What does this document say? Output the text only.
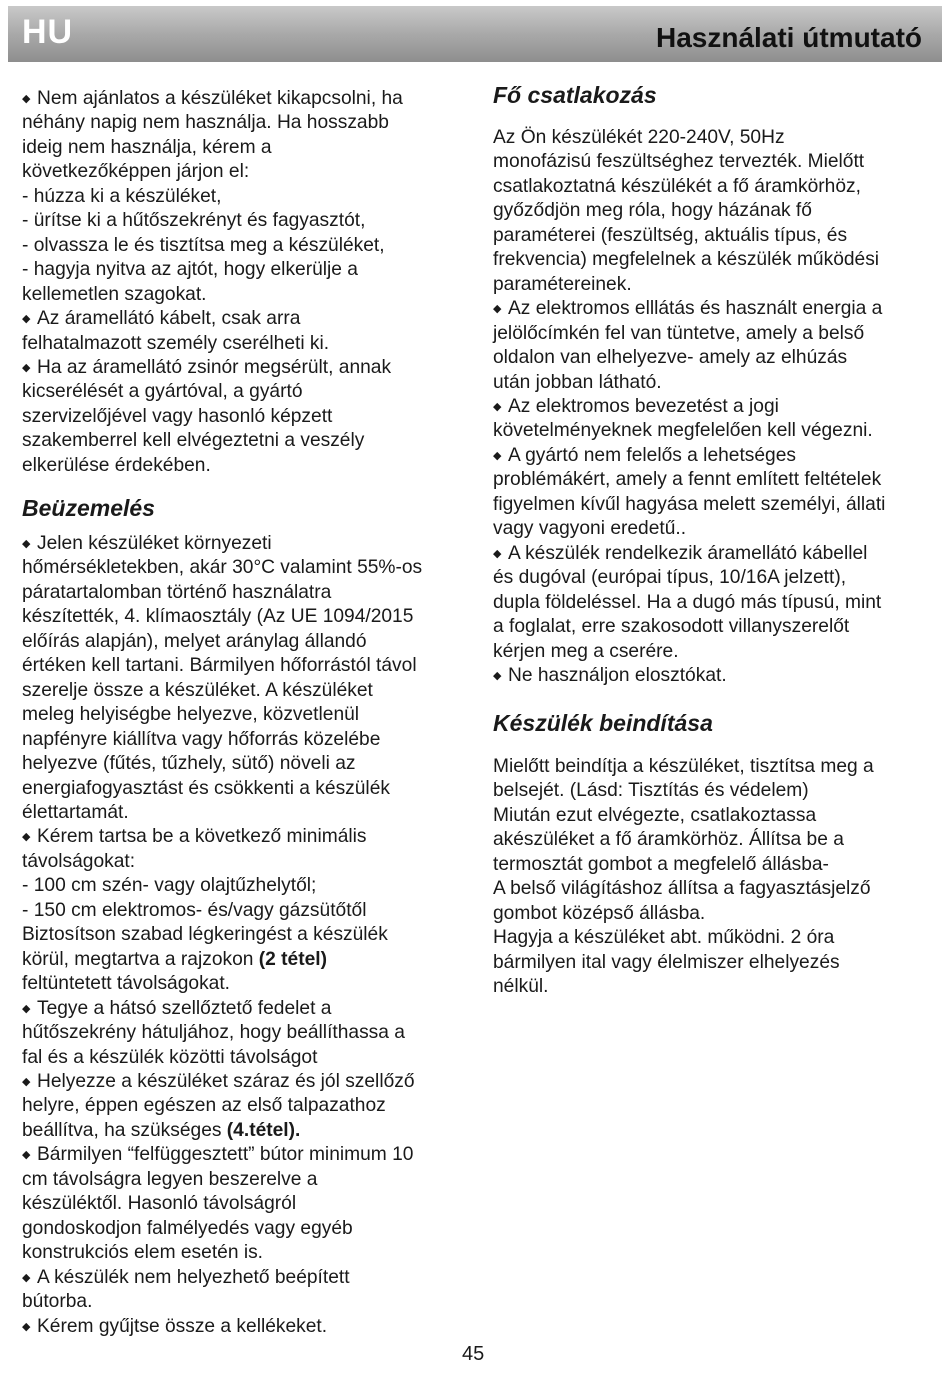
HU	Használati útmutató
◆ Nem ajánlatos a készüléket kikapcsolni, ha
néhány napig nem használja. Ha hosszabb
ideig nem használja, kérem a
következőképpen járjon el:
- húzza ki a készüléket,
- ürítse ki a hűtőszekrényt és fagyasztót,
- olvassza le és tisztítsa meg a készüléket,
- hagyja nyitva az ajtót, hogy elkerülje a
kellemetlen szagokat.
◆ Az áramellátó kábelt, csak arra
felhatalmazott személy cserélheti ki.
◆ Ha az áramellátó zsinór megsérült, annak
kicserélését a gyártóval, a gyártó
szervizelőjével vagy hasonló képzett
szakemberrel kell elvégeztetni a veszély
elkerülése érdekében.
Beüzemelés
◆ Jelen készüléket környezeti
hőmérsékletekben, akár 30°C valamint 55%-os
páratartalomban történő használatra
készítették, 4. klímaosztály (Az UE 1094/2015
előírás alapján), melyet aránylag állandó
értéken kell tartani. Bármilyen hőforrástól távol
szerelje össze a készüléket. A készüléket
meleg helyiségbe helyezve, közvetlenül
napfényre kiállítva vagy hőforrás közelébe
helyezve (fűtés, tűzhely, sütő) növeli az
energiafogyasztást és csökkenti a készülék
élettartamát.
◆ Kérem tartsa be a következő minimális
távolságokat:
- 100 cm szén- vagy olajtűzhelytől;
- 150 cm elektromos- és/vagy gázsütőtől
Biztosítson szabad légkeringést a készülék
körül, megtartva a rajzokon (2 tétel)
feltüntetett távolságokat.
◆ Tegye a hátsó szellőztető fedelet a
hűtőszekrény hátuljához, hogy beállíthassa a
fal és a készülék közötti távolságot
◆ Helyezze a készüléket száraz és jól szellőző
helyre, éppen egészen az első talpazathoz
beállítva, ha szükséges (4.tétel).
◆ Bármilyen “felfüggesztett” bútor minimum 10
cm távolságra legyen beszerelve a
készüléktől. Hasonló távolságról
gondoskodjon falmélyedés vagy egyéb
konstrukciós elem esetén is.
◆ A készülék nem helyezhető beépített
bútorba.
◆ Kérem gyűjtse össze a kellékeket.
Fő csatlakozás
Az Ön készülékét 220-240V, 50Hz
monofázisú feszültséghez tervezték. Mielőtt
csatlakoztatná készülékét a fő áramkörhöz,
győződjön meg róla, hogy házának fő
paraméterei (feszültség, aktuális típus, és
frekvencia) megfelelnek a készülék működési
paramétereinek.
◆ Az elektromos elllátás és használt energia a
jelölőcímkén fel van tüntetve, amely a belső
oldalon van elhelyezve- amely az elhúzás
után jobban látható.
◆ Az elektromos bevezetést a jogi
követelményeknek megfelelően kell végezni.
◆ A gyártó nem felelős a lehetséges
problémákért, amely a fennt említett feltételek
figyelmen kívűl hagyása melett személyi, állati
vagy vagyoni eredetű..
◆ A készülék rendelkezik áramellátó kábellel
és dugóval (európai típus, 10/16A jelzett),
dupla földeléssel. Ha a dugó más típusú, mint
a foglalat, erre szakosodott villanyszerelőt
kérjen meg a cserére.
◆ Ne használjon elosztókat.
Készülék beindítása
Mielőtt beindítja a készüléket, tisztítsa meg a
belsejét. (Lásd: Tisztítás és védelem)
Miután ezut elvégezte, csatlakoztassa
akészüléket a fő áramkörhöz. Állítsa be a
termosztát gombot a megfelelő állásba-
A belső világításhoz állítsa a fagyasztásjelző
gombot középső állásba.
Hagyja a készüléket abt. működni. 2 óra
bármilyen ital vagy élelmiszer elhelyezés
nélkül.
45
